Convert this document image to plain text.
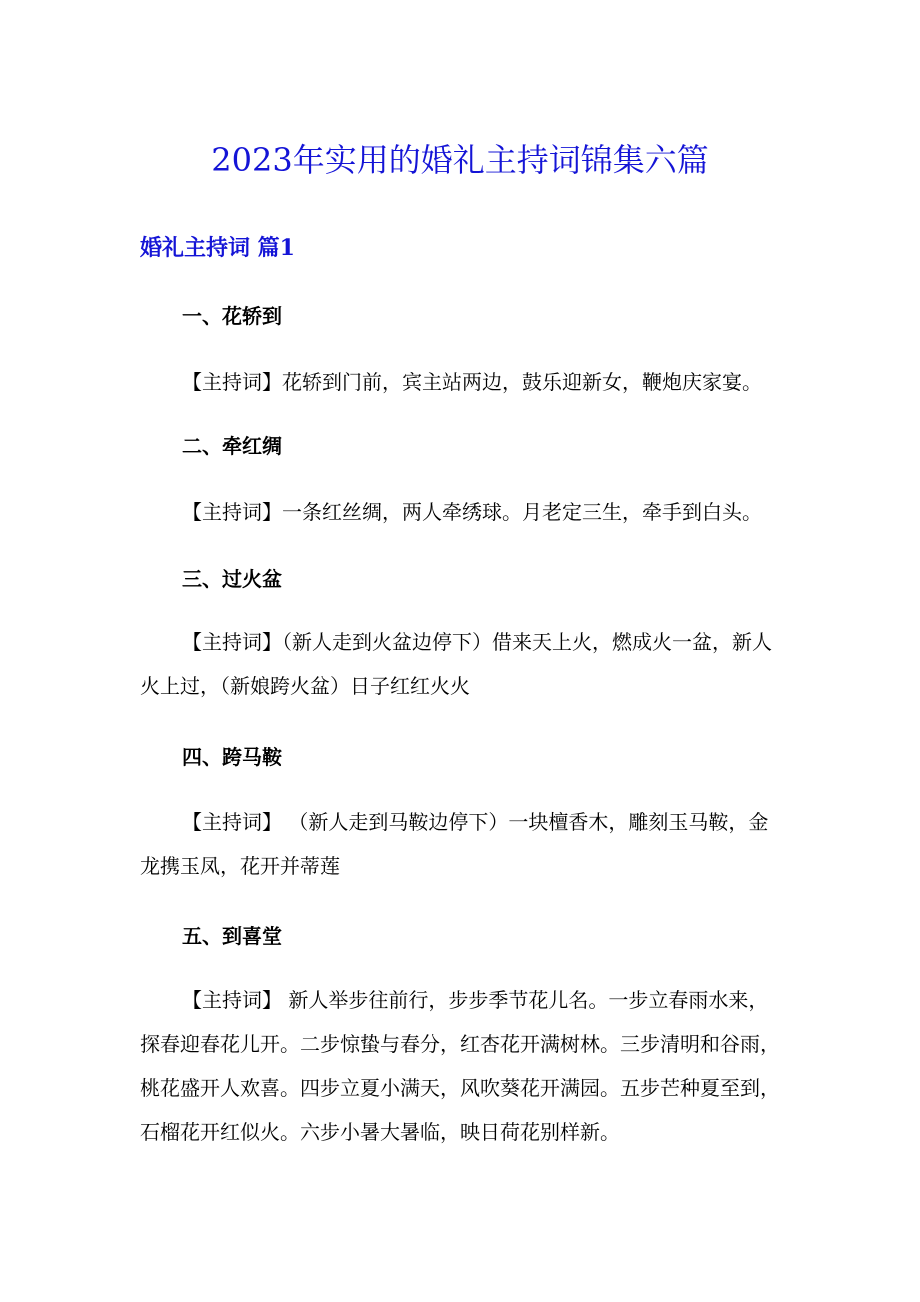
2023年实用的婚礼主持词锦集六篇
婚礼主持词 篇1
一、花轿到

【主持词】花轿到门前，宾主站两边，鼓乐迎新女，鞭炮庆家宴。

二、牵红绸

【主持词】一条红丝绸，两人牵绣球。月老定三生，牵手到白头。

三、过火盆

【主持词】（新人走到火盆边停下）借来天上火，燃成火一盆，新人火上过，（新娘跨火盆）日子红红火火

四、跨马鞍

【主持词】 （新人走到马鞍边停下）一块檀香木，雕刻玉马鞍，金龙携玉凤，花开并蒂莲

五、到喜堂

【主持词】 新人举步往前行，步步季节花儿名。一步立春雨水来，探春迎春花儿开。二步惊蛰与春分，红杏花开满树林。三步清明和谷雨，桃花盛开人欢喜。四步立夏小满天，风吹葵花开满园。五步芒种夏至到，石榴花开红似火。六步小暑大暑临，映日荷花别样新。
